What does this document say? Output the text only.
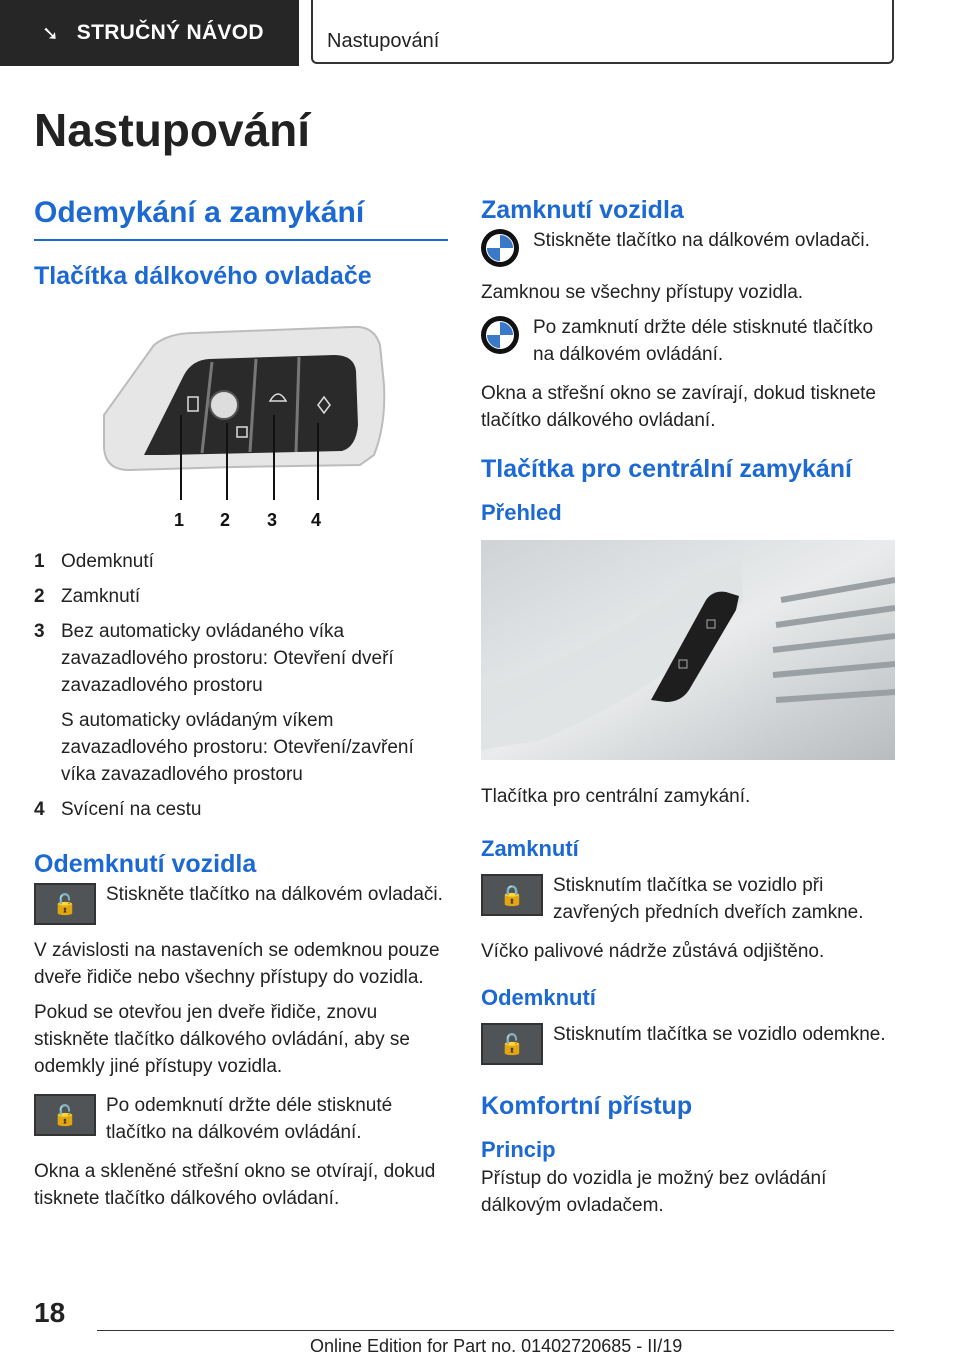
➘ STRUČNÝ NÁVOD	Nastupování
Nastupování
Odemykání a zamykání
Tlačítka dálkového ovladače
1 2 3 4
1 Odemknutí

2 Zamknutí

3 Bez automaticky ovládaného víka zavazadlového prostoru: Otevření dveří zavazadlového prostoru

S automaticky ovládaným víkem zavazadlového prostoru: Otevření/zavření víka zavazadlového prostoru

4 Svícení na cestu

Odemknutí vozidla
🔓	Stiskněte tlačítko na dálkovém ovladači.

V závislosti na nastaveních se odemknou pouze dveře řidiče nebo všechny přístupy do vozidla.

Pokud se otevřou jen dveře řidiče, znovu stiskněte tlačítko dálkového ovládání, aby se odemkly jiné přístupy vozidla.

🔓	Po odemknutí držte déle stisknuté tlačítko na dálkovém ovládání.

Okna a skleněné střešní okno se otvírají, dokud tisknete tlačítko dálkového ovládaní.

Zamknutí vozidla

Stiskněte tlačítko na dálkovém ovladači.

Zamknou se všechny přístupy vozidla.

Po zamknutí držte déle stisknuté tlačítko na dálkovém ovládání.

Okna a střešní okno se zavírají, dokud tisknete tlačítko dálkového ovládaní.

Tlačítka pro centrální zamykání
Přehled

Tlačítka pro centrální zamykání.

Zamknutí
🔒	Stisknutím tlačítka se vozidlo při zavřených předních dveřích zamkne.

Víčko palivové nádrže zůstává odjištěno.

Odemknutí
🔓	Stisknutím tlačítka se vozidlo odemkne.

Komfortní přístup
Princip

Přístup do vozidla je možný bez ovládání dálkovým ovladačem.

18
Online Edition for Part no. 01402720685 - II/19
